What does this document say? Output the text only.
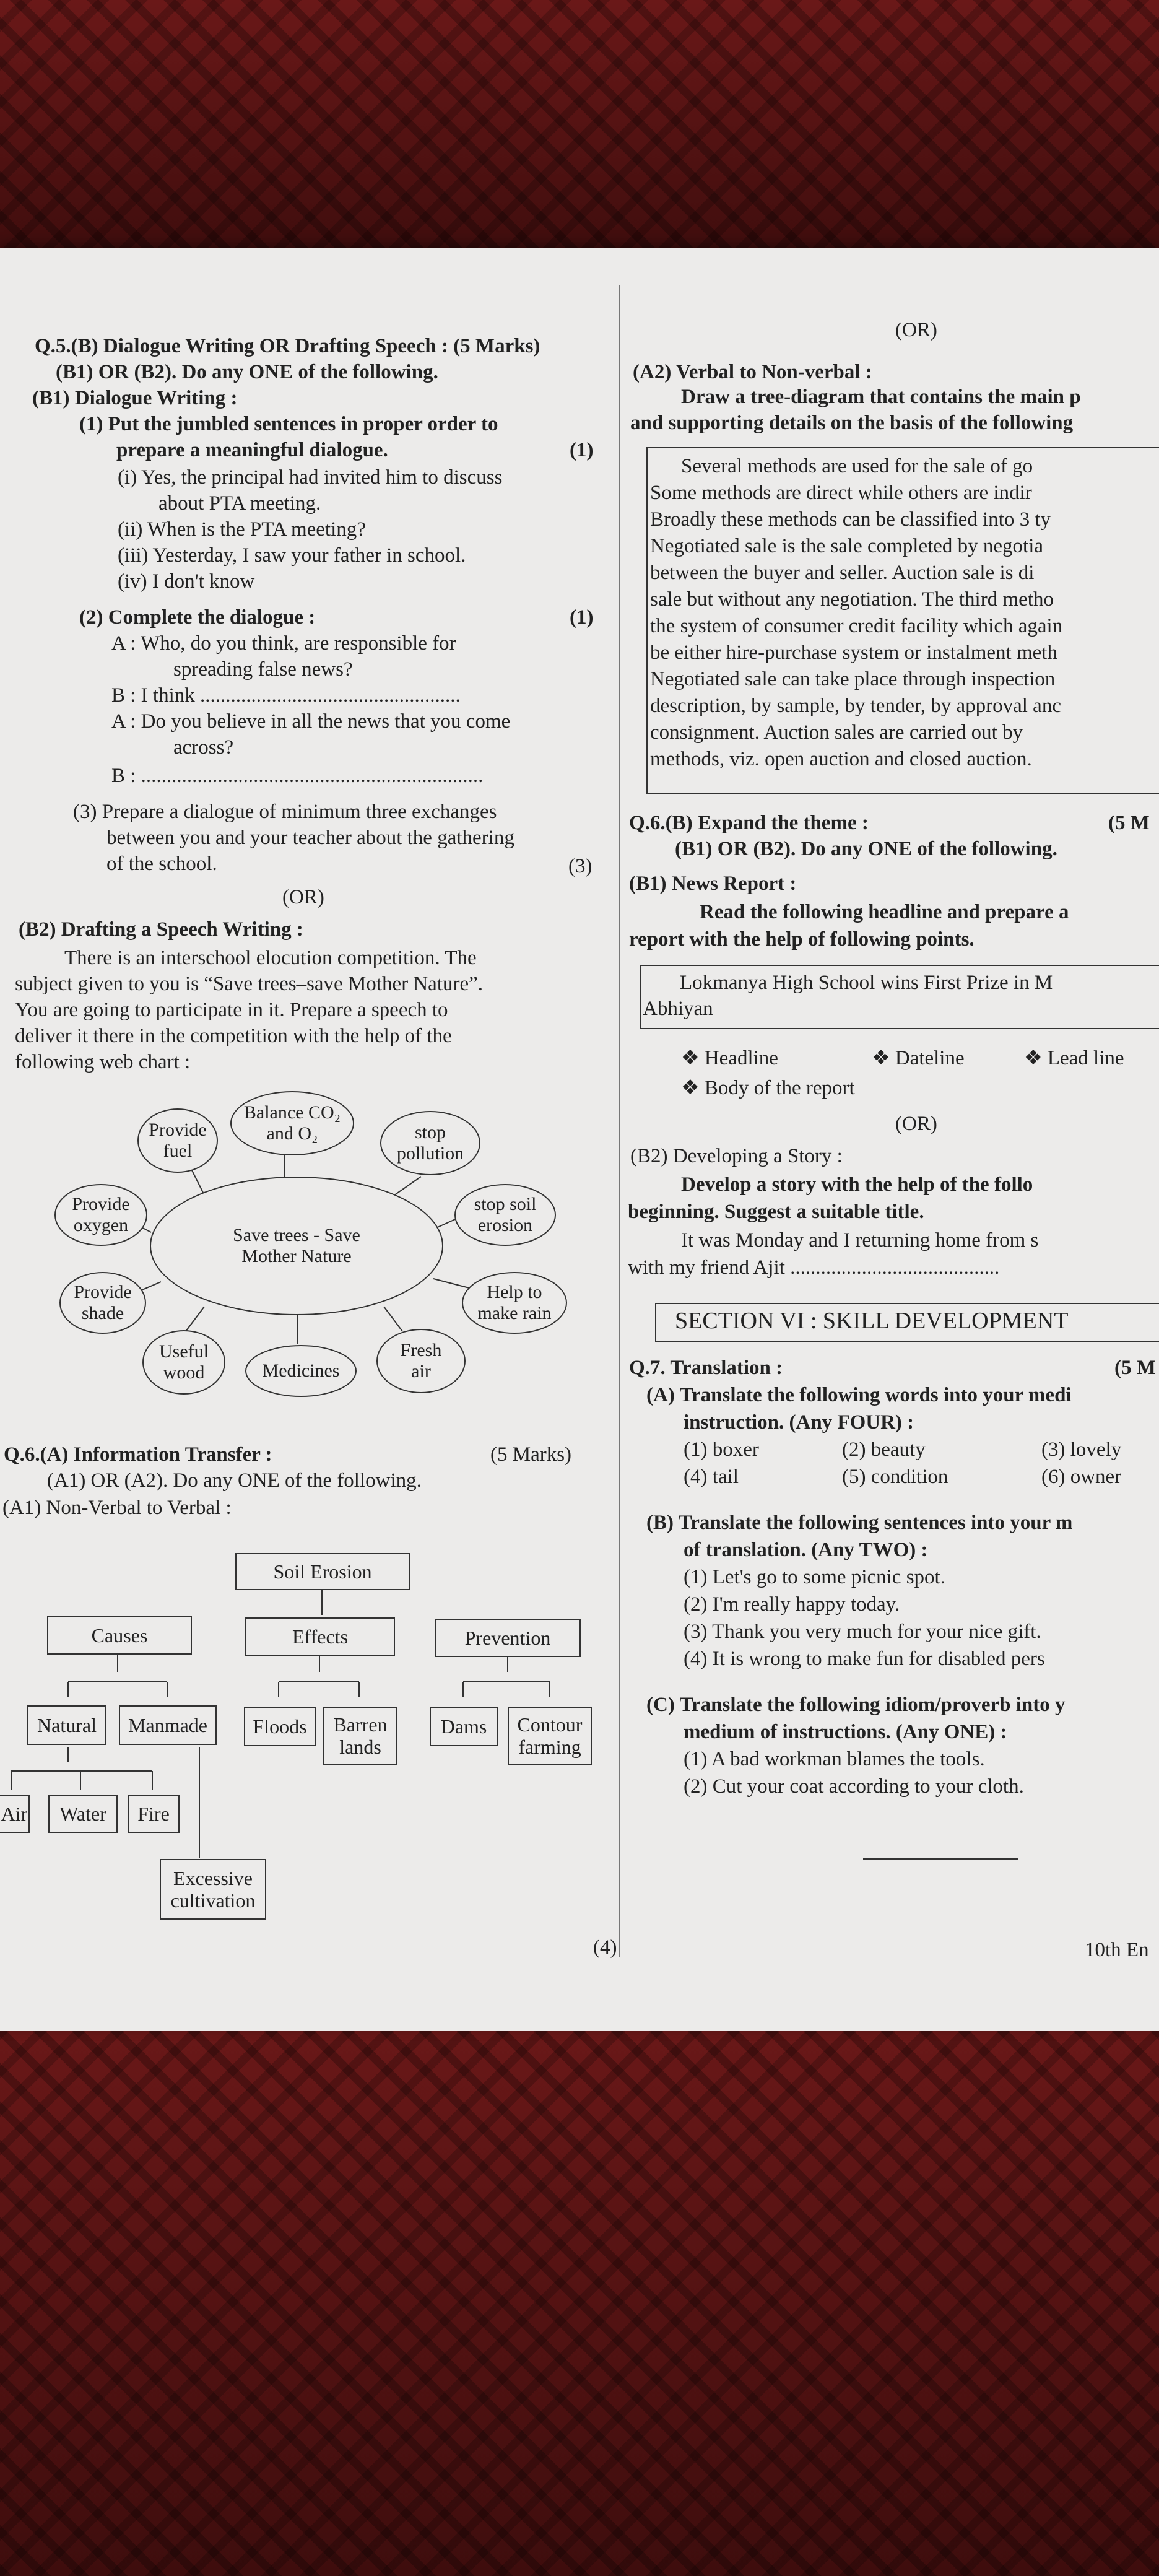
Q.5.(B) Dialogue Writing OR Drafting Speech : (5 Marks)
(B1) OR (B2). Do any ONE of the following.
(B1) Dialogue Writing :
(1) Put the jumbled sentences in proper order to
prepare a meaningful dialogue.	(1)
(i) Yes, the principal had invited him to discuss
about PTA meeting.
(ii) When is the PTA meeting?
(iii) Yesterday, I saw your father in school.
(iv) I don't know
(2) Complete the dialogue :	(1)
A : Who, do you think, are responsible for
spreading false news?
B : I think ...................................................
A : Do you believe in all the news that you come
across?
B : ...................................................................
(3) Prepare a dialogue of minimum three exchanges
between you and your teacher about the gathering
of the school.	(3)
(OR)
(B2) Drafting a Speech Writing :
There is an interschool elocution competition. The
subject given to you is “Save trees–save Mother Nature”.
You are going to participate in it. Prepare a speech to
deliver it there in the competition with the help of the
following web chart :
Save trees - Save
Mother Nature
Provide
fuel
Balance CO₂
and O₂	stop
pollution
Provide
oxygen
stop soil
erosion
Provide
shade
Help to
make rain
Useful
wood	Medicines
Fresh
air
Q.6.(A) Information Transfer :	(5 Marks)
(A1) OR (A2). Do any ONE of the following.
(A1) Non-Verbal to Verbal :
Soil Erosion
Causes	Effects	Prevention
Natural	Manmade	Floods	Barren
lands
Dams	Contour
farming
Air	Water	Fire
Excessive
cultivation
(4)
(OR)
(A2) Verbal to Non-verbal :
Draw a tree-diagram that contains the main p
and supporting details on the basis of the following
Several methods are used for the sale of go
Some methods are direct while others are indir
Broadly these methods can be classified into 3 ty
Negotiated sale is the sale completed by negotia
between the buyer and seller. Auction sale is di
sale but without any negotiation. The third metho
the system of consumer credit facility which again
be either hire-purchase system or instalment meth
Negotiated sale can take place through inspection
description, by sample, by tender, by approval anc
consignment. Auction sales are carried out by
methods, viz. open auction and closed auction.
Q.6.(B) Expand the theme :	(5 M
(B1) OR (B2). Do any ONE of the following.
(B1) News Report :
Read the following headline and prepare a
report with the help of following points.
Lokmanya High School wins First Prize in M
Abhiyan
❖ Headline	❖ Dateline	❖ Lead line
❖ Body of the report
(OR)
(B2) Developing a Story :
Develop a story with the help of the follo
beginning. Suggest a suitable title.
It was Monday and I returning home from s
with my friend Ajit .........................................
SECTION VI : SKILL DEVELOPMENT
Q.7. Translation :	(5 M
(A) Translate the following words into your medi
instruction. (Any FOUR) :
(1) boxer	(2) beauty	(3) lovely
(4) tail	(5) condition	(6) owner
(B) Translate the following sentences into your m
of translation. (Any TWO) :
(1) Let's go to some picnic spot.
(2) I'm really happy today.
(3) Thank you very much for your nice gift.
(4) It is wrong to make fun for disabled pers
(C) Translate the following idiom/proverb into y
medium of instructions. (Any ONE) :
(1) A bad workman blames the tools.
(2) Cut your coat according to your cloth.
10th En
